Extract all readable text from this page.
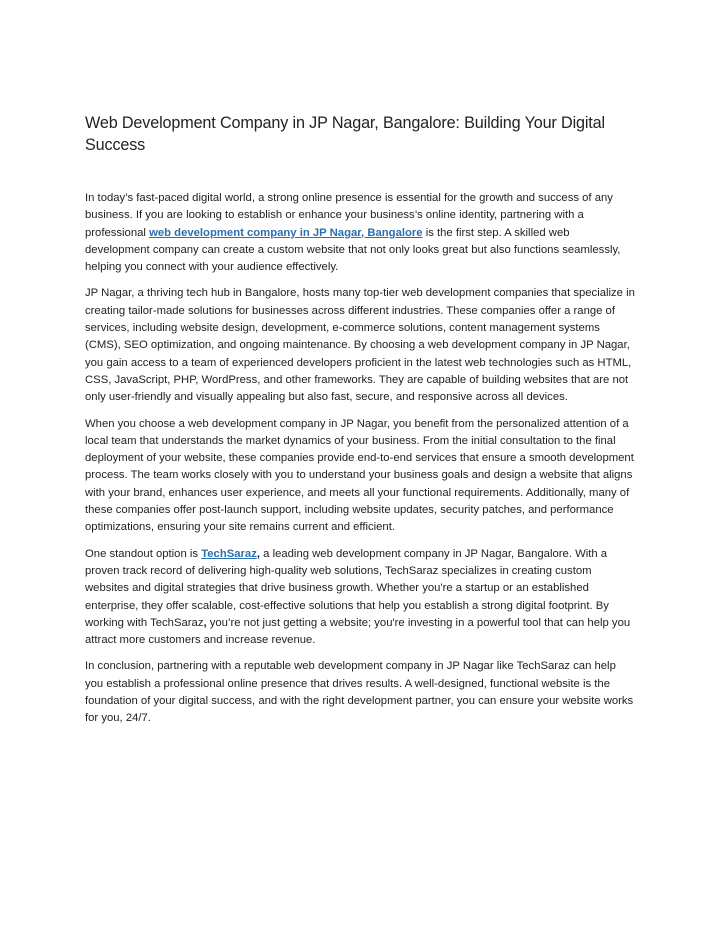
Web Development Company in JP Nagar, Bangalore: Building Your Digital Success

In today’s fast-paced digital world, a strong online presence is essential for the growth and success of any business. If you are looking to establish or enhance your business’s online identity, partnering with a professional web development company in JP Nagar, Bangalore is the first step. A skilled web development company can create a custom website that not only looks great but also functions seamlessly, helping you connect with your audience effectively.

JP Nagar, a thriving tech hub in Bangalore, hosts many top-tier web development companies that specialize in creating tailor-made solutions for businesses across different industries. These companies offer a range of services, including website design, development, e-commerce solutions, content management systems (CMS), SEO optimization, and ongoing maintenance. By choosing a web development company in JP Nagar, you gain access to a team of experienced developers proficient in the latest web technologies such as HTML, CSS, JavaScript, PHP, WordPress, and other frameworks. They are capable of building websites that are not only user-friendly and visually appealing but also fast, secure, and responsive across all devices.

When you choose a web development company in JP Nagar, you benefit from the personalized attention of a local team that understands the market dynamics of your business. From the initial consultation to the final deployment of your website, these companies provide end-to-end services that ensure a smooth development process. The team works closely with you to understand your business goals and design a website that aligns with your brand, enhances user experience, and meets all your functional requirements. Additionally, many of these companies offer post-launch support, including website updates, security patches, and performance optimizations, ensuring your site remains current and efficient.

One standout option is TechSaraz, a leading web development company in JP Nagar, Bangalore. With a proven track record of delivering high-quality web solutions, TechSaraz specializes in creating custom websites and digital strategies that drive business growth. Whether you're a startup or an established enterprise, they offer scalable, cost-effective solutions that help you establish a strong digital footprint. By working with TechSaraz, you’re not just getting a website; you're investing in a powerful tool that can help you attract more customers and increase revenue.

In conclusion, partnering with a reputable web development company in JP Nagar like TechSaraz can help you establish a professional online presence that drives results. A well-designed, functional website is the foundation of your digital success, and with the right development partner, you can ensure your website works for you, 24/7.
